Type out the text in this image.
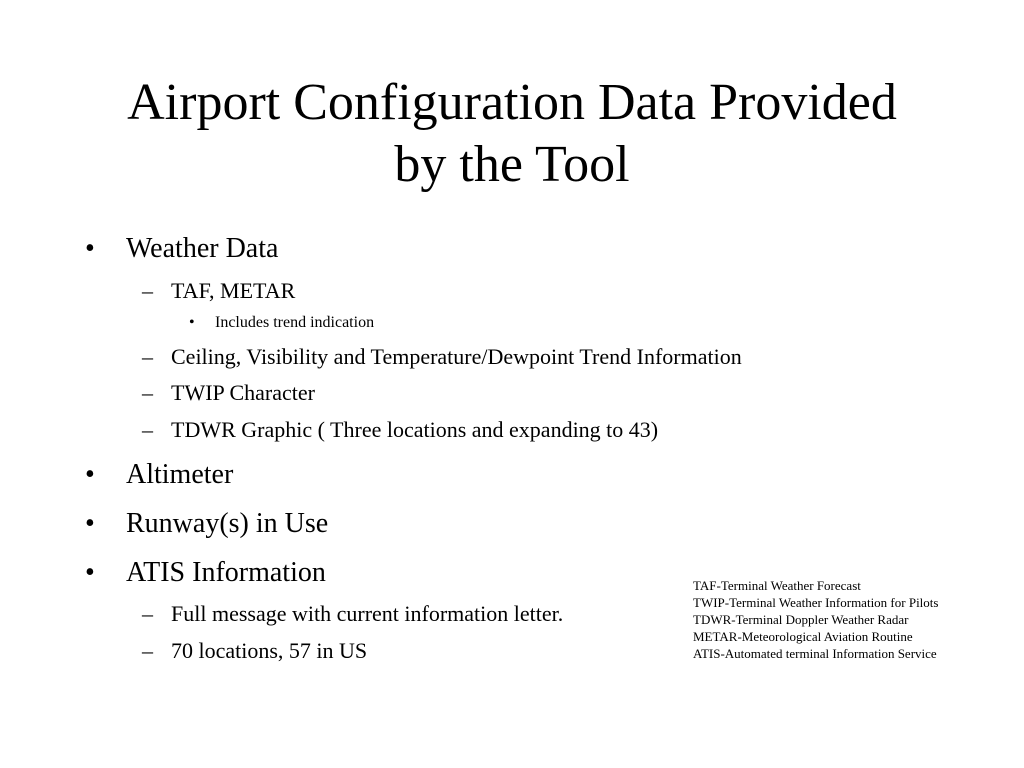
Airport Configuration Data Provided
by the Tool
• Weather Data
– TAF, METAR
• Includes trend indication
– Ceiling, Visibility and Temperature/Dewpoint Trend Information
– TWIP Character
– TDWR Graphic ( Three locations and expanding to 43)
• Altimeter
• Runway(s) in Use
• ATIS Information
– Full message with current information letter.
– 70 locations, 57 in US
TAF-Terminal Weather Forecast
TWIP-Terminal Weather Information for Pilots
TDWR-Terminal Doppler Weather Radar
METAR-Meteorological Aviation Routine
ATIS-Automated terminal Information Service
